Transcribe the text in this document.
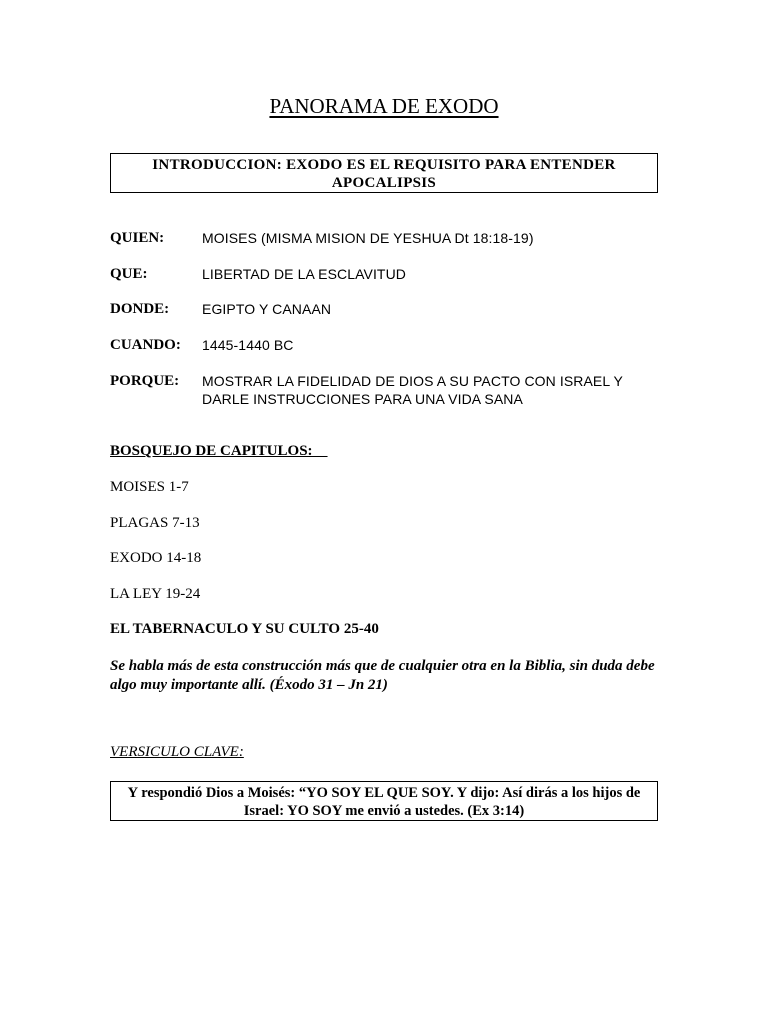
PANORAMA DE EXODO
INTRODUCCION: EXODO ES EL REQUISITO PARA ENTENDER APOCALIPSIS
QUIEN:	MOISES (MISMA MISION DE YESHUA Dt 18:18-19)
QUE:	LIBERTAD DE LA ESCLAVITUD
DONDE: EGIPTO Y CANAAN
CUANDO: 1445-1440 BC
PORQUE: MOSTRAR LA FIDELIDAD DE DIOS A SU PACTO CON ISRAEL Y DARLE INSTRUCCIONES PARA UNA VIDA SANA
BOSQUEJO DE CAPITULOS:
MOISES 1-7
PLAGAS 7-13
EXODO 14-18
LA LEY 19-24
EL TABERNACULO Y SU CULTO 25-40
Se habla más de esta construcción más que de cualquier otra en la Biblia, sin duda debe algo muy importante allí. (Éxodo 31 – Jn 21)
VERSICULO CLAVE:
Y respondió Dios a Moisés: “YO SOY EL QUE SOY. Y dijo: Así dirás a los hijos de Israel: YO SOY me envió a ustedes. (Ex 3:14)
